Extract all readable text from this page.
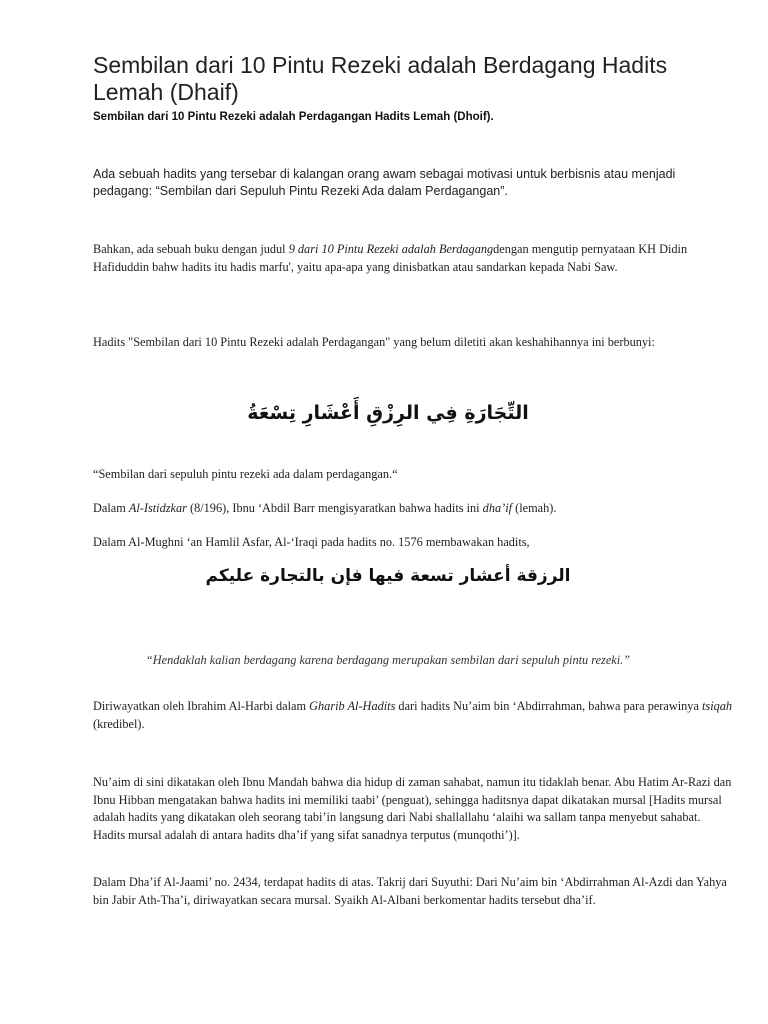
Sembilan dari 10 Pintu Rezeki adalah Berdagang Hadits Lemah (Dhaif)
Sembilan dari 10 Pintu Rezeki adalah Perdagangan Hadits Lemah (Dhoif).
Ada sebuah hadits yang tersebar di kalangan orang awam sebagai motivasi untuk berbisnis atau menjadi pedagang: “Sembilan dari Sepuluh Pintu Rezeki Ada dalam Perdagangan”.
Bahkan, ada sebuah buku dengan judul 9 dari 10 Pintu Rezeki adalah Berdagangdengan mengutip pernyataan KH Didin Hafiduddin bahw hadits itu hadis marfu', yaitu apa-apa yang dinisbatkan atau sandarkan kepada Nabi Saw.
Hadits "Sembilan dari 10 Pintu Rezeki adalah Perdagangan" yang belum diletiti akan keshahihannya ini berbunyi:
التِّجَارَةِ فِي الرِزْقِ أَعْشَارِ تِسْعَةُ
“Sembilan dari sepuluh pintu rezeki ada dalam perdagangan.“
Dalam Al-Istidzkar (8/196), Ibnu ‘Abdil Barr mengisyaratkan bahwa hadits ini dha’if (lemah).
Dalam Al-Mughni ‘an Hamlil Asfar, Al-‘Iraqi pada hadits no. 1576 membawakan hadits,
الرزقة أعشار تسعة فيها فإن بالتجارة عليكم
“Hendaklah kalian berdagang karena berdagang merupakan sembilan dari sepuluh pintu rezeki.”
Diriwayatkan oleh Ibrahim Al-Harbi dalam Gharib Al-Hadits dari hadits Nu’aim bin ‘Abdirrahman, bahwa para perawinya tsiqah (kredibel).
Nu’aim di sini dikatakan oleh Ibnu Mandah bahwa dia hidup di zaman sahabat, namun itu tidaklah benar. Abu Hatim Ar-Razi dan Ibnu Hibban mengatakan bahwa hadits ini memiliki taabi’ (penguat), sehingga haditsnya dapat dikatakan mursal [Hadits mursal adalah hadits yang dikatakan oleh seorang tabi’in langsung dari Nabi shallallahu ‘alaihi wa sallam tanpa menyebut sahabat. Hadits mursal adalah di antara hadits dha’if yang sifat sanadnya terputus (munqothi’)].
Dalam Dha’if Al-Jaami’ no. 2434, terdapat hadits di atas. Takrij dari Suyuthi: Dari Nu’aim bin ‘Abdirrahman Al-Azdi dan Yahya bin Jabir Ath-Tha’i, diriwayatkan secara mursal. Syaikh Al-Albani berkomentar hadits tersebut dha’if.
